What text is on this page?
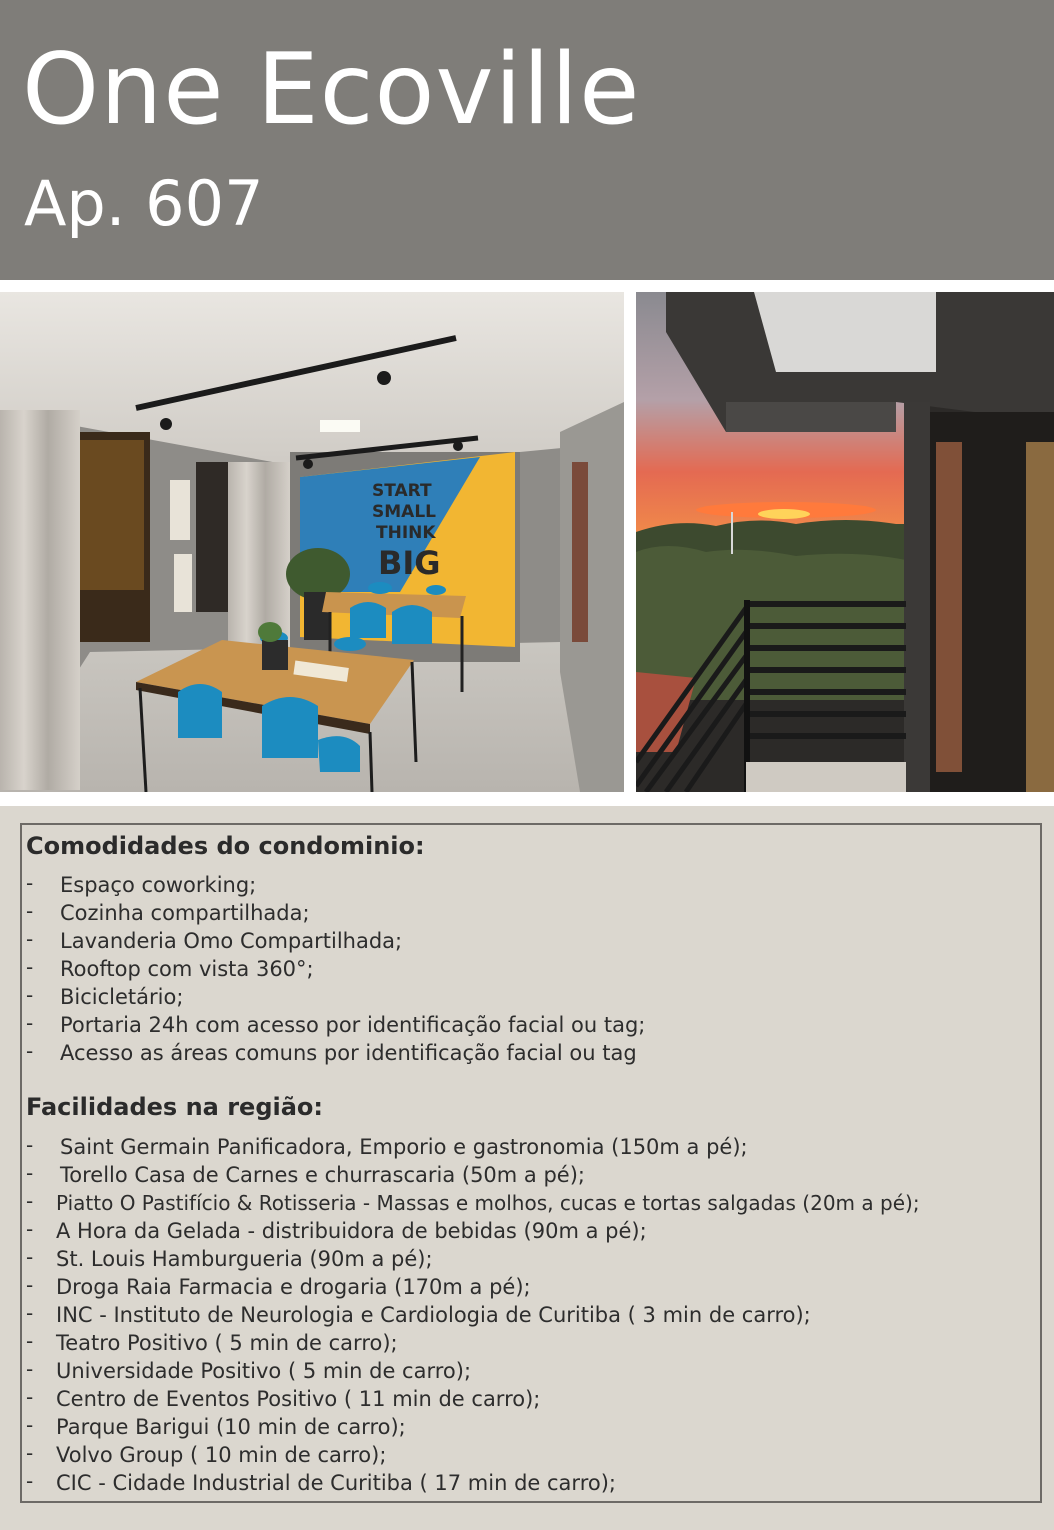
One Ecoville
Ap. 607
START
SMALL
THINK
BIG
Comodidades do condominio:
- Espaço coworking;
- Cozinha compartilhada;
- Lavanderia Omo Compartilhada;
- Rooftop com vista 360°;
- Bicicletário;
- Portaria 24h com acesso por identificação facial ou tag;
- Acesso as áreas comuns por identificação facial ou tag
Facilidades na região:
- Saint Germain Panificadora, Emporio e gastronomia (150m a pé);
- Torello Casa de Carnes e churrascaria (50m a pé);
- Piatto O Pastifício & Rotisseria - Massas e molhos, cucas e tortas salgadas (20m a pé);
- A Hora da Gelada - distribuidora de bebidas (90m a pé);
- St. Louis Hamburgueria (90m a pé);
- Droga Raia Farmacia e drogaria (170m a pé);
- INC - Instituto de Neurologia e Cardiologia de Curitiba ( 3 min de carro);
- Teatro Positivo ( 5 min de carro);
- Universidade Positivo ( 5 min de carro);
- Centro de Eventos Positivo ( 11 min de carro);
- Parque Barigui (10 min de carro);
- Volvo Group ( 10 min de carro);
- CIC - Cidade Industrial de Curitiba ( 17 min de carro);
